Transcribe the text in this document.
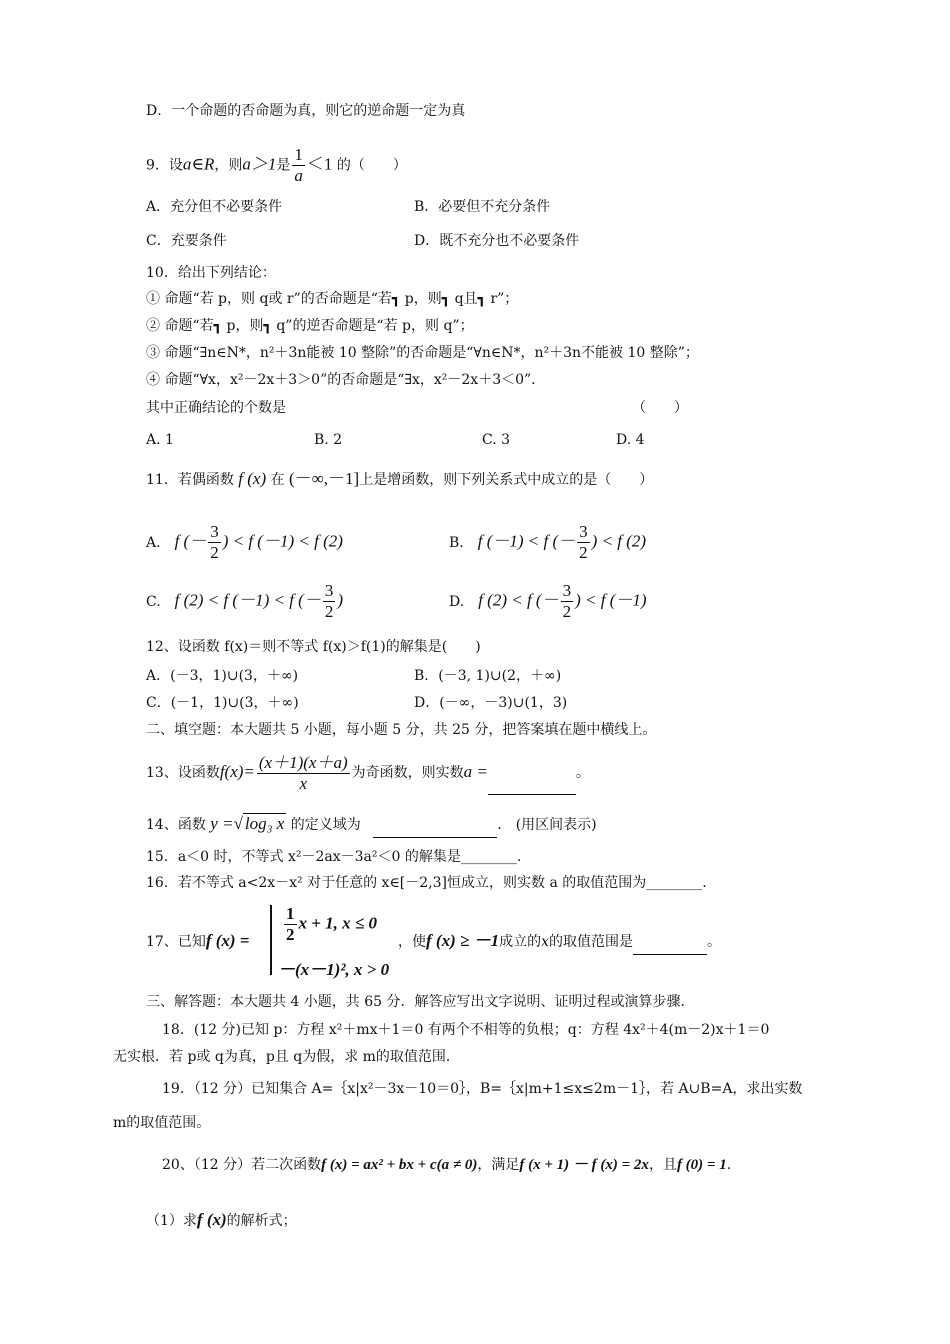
D．一个命题的否命题为真，则它的逆命题一定为真
9．设a∈R，则a＞1是 $\frac{1}{a} <1$ 的（　　）
A．充分但不必要条件	B．必要但不充分条件
C．充要条件	D．既不充分也不必要条件
10．给出下列结论：
① 命题“若 p，则 q或 r”的否命题是“若┓ p，则┓ q且┓ r”；
② 命题“若┓ p，则┓ q”的逆否命题是“若 p，则 q”；
③ 命题“∃n∈N*，n²＋3n能被 10 整除”的否命题是“∀n∈N*，n²＋3n不能被 10 整除”；
④ 命题“∀x，x²－2x＋3＞0”的否命题是“∃x，x²－2x＋3＜0”．
其中正确结论的个数是	（　　）
A. 1	B. 2	C. 3	D. 4
11．若偶函数 f (x) 在 (－∞,－1]上是增函数，则下列关系式中成立的是（　　）
A. f (－ $\frac{3}{2}$ ) < f (－1) < f (2)	B. f (－1) < f (－ $\frac{3}{2}$ ) < f (2)
C. f (2) < f (－1) < f (－ $\frac{3}{2}$ )	D. f (2) < f (－ $\frac{3}{2}$ ) < f (－1)
12、设函数 f(x)＝则不等式 f(x)＞f(1)的解集是(　　)
A．(－3，1)∪(3，＋∞)	B．(－3, 1)∪(2，＋∞)
C．(－1，1)∪(3，＋∞)	D．(－∞，－3)∪(1，3)
二、填空题：本大题共 5 小题，每小题 5 分，共 25 分，把答案填在题中横线上。
13、设函数$f(x)= \frac{(x+1)(x+a)}{x}$ 为奇函数，则实数a =	。
14、函数 y =√ log₃ x 的定义域为	.　(用区间表示)
15．a＜0 时，不等式 x²－2ax－3a²＜0 的解集是________.
16．若不等式 a<2x－x² 对于任意的 x∈[－2,3]恒成立，则实数 a 的取值范围为________.
17、已知f $(x) = \frac{1}{2}$ x + 1, x ≤ 0
－(x－1)², x > 0
，使f (x) ≥ －1成立的x的取值范围是	。
三、解答题：本大题共 4 小题，共 65 分．解答应写出文字说明、证明过程或演算步骤．
18．(12 分)已知 p：方程 x²＋mx＋1＝0 有两个不相等的负根；q：方程 4x²＋4(m－2)x＋1＝0
无实根．若 p或 q为真，p且 q为假，求 m的取值范围．
19．（12 分）已知集合 A=｛x|x²－3x－10＝0｝，B=｛x|m+1≤x≤2m－1｝，若 A∪B=A，求出实数
m的取值范围。
20、（12 分）若二次函数f (x) = ax² + bx + c(a ≠ 0)，满足f (x + 1) － f (x) = 2x，且f (0) = 1.
（1）求f (x)的解析式；
